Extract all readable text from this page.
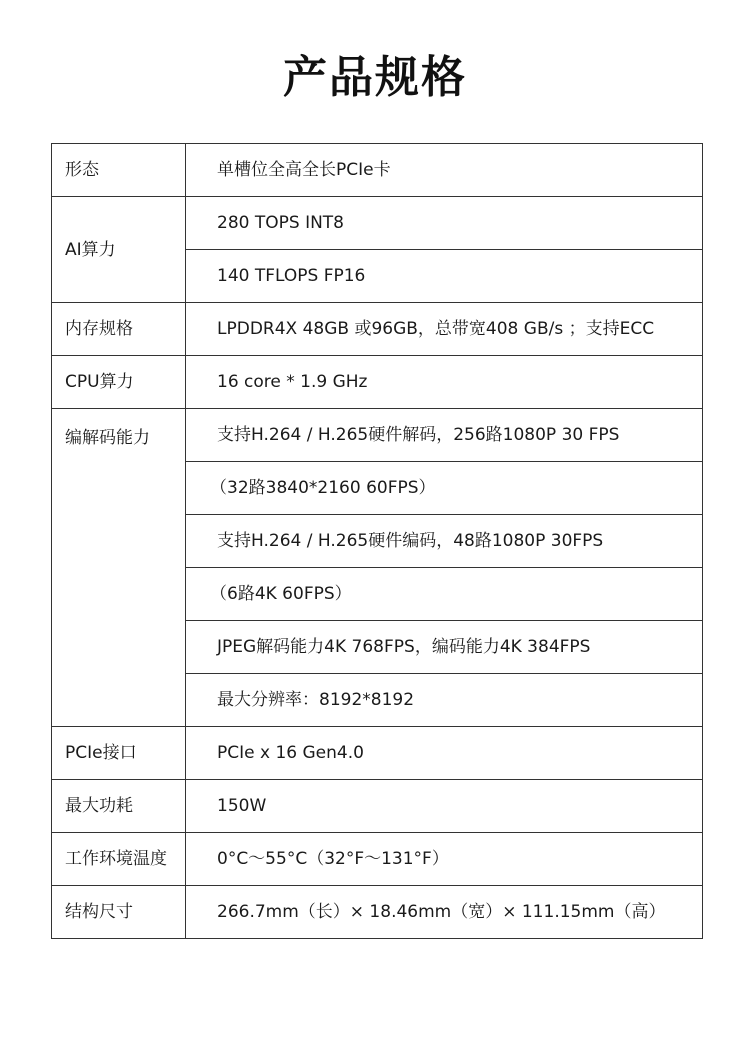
产品规格
形态	单槽位全高全长PCIe卡
AI算力	280 TOPS INT8
	140 TFLOPS FP16
内存规格	LPDDR4X 48GB 或96GB，总带宽408 GB/s ；支持ECC
CPU算力	16 core * 1.9 GHz
编解码能力	支持H.264 / H.265硬件解码，256路1080P 30 FPS
	（32路3840*2160 60FPS）
	支持H.264 / H.265硬件编码，48路1080P 30FPS
	（6路4K 60FPS）
	JPEG解码能力4K 768FPS，编码能力4K 384FPS
	最大分辨率：8192*8192
PCIe接口	PCIe x 16 Gen4.0
最大功耗	150W
工作环境温度	0°C～55°C（32°F～131°F）
结构尺寸	266.7mm（长）× 18.46mm（宽）× 111.15mm（高）
